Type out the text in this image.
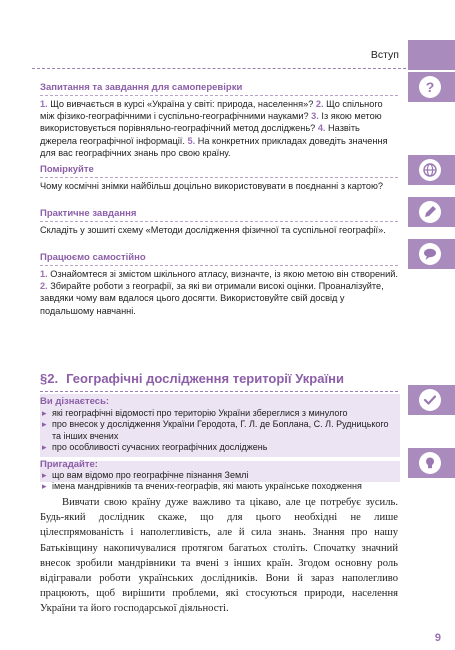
?
Вступ
Запитання та завдання для самоперевірки

1. Що вивчається в курсі «Україна у світі: природа, населення»? 2. Що спільного між фізико-географічними і суспільно-географічними науками? 3. Із якою метою використовується порівняльно-географічний метод досліджень? 4. Назвіть джерела географічної інформації. 5. На конкретних прикладах доведіть значення для вас географічних знань про свою країну.

Поміркуйте

Чому космічні знімки найбільш доцільно використовувати в поєднанні з картою?

Практичне завдання

Складіть у зошиті схему «Методи дослідження фізичної та суспільної географії».

Працюємо самостійно

1. Ознайомтеся зі змістом шкільного атласу, визначте, із якою метою він створений. 2. Збирайте роботи з географії, за які ви отримали високі оцінки. Проаналізуйте, завдяки чому вам вдалося цього досягти. Використовуйте свій досвід у подальшому навчанні.

§2. Географічні дослідження території України
Ви дізнаєтесь:
▸ які географічні відомості про територію України збереглися з минулого
▸ про внесок у дослідження України Геродота, Г. Л. де Боплана, С. Л. Рудницького та інших вчених
▸ про особливості сучасних географічних досліджень
Пригадайте:
▸ що вам відомо про географічне пізнання Землі
▸ імена мандрівників та вчених-географів, які мають українське походження

Вивчати свою країну дуже важливо та цікаво, але це потребує зусиль. Будь-який дослідник скаже, що для цього необхідні не лише цілеспрямованість і наполегливість, але й сила знань. Знання про нашу Батьківщину накопичувалися протягом багатьох століть. Спочатку значний внесок зробили мандрівники та вчені з інших країн. Згодом основну роль відігравали роботи українських дослідників. Вони й зараз наполегливо працюють, щоб вирішити проблеми, які стосуються природи, населення України та його господарської діяльності.

9
